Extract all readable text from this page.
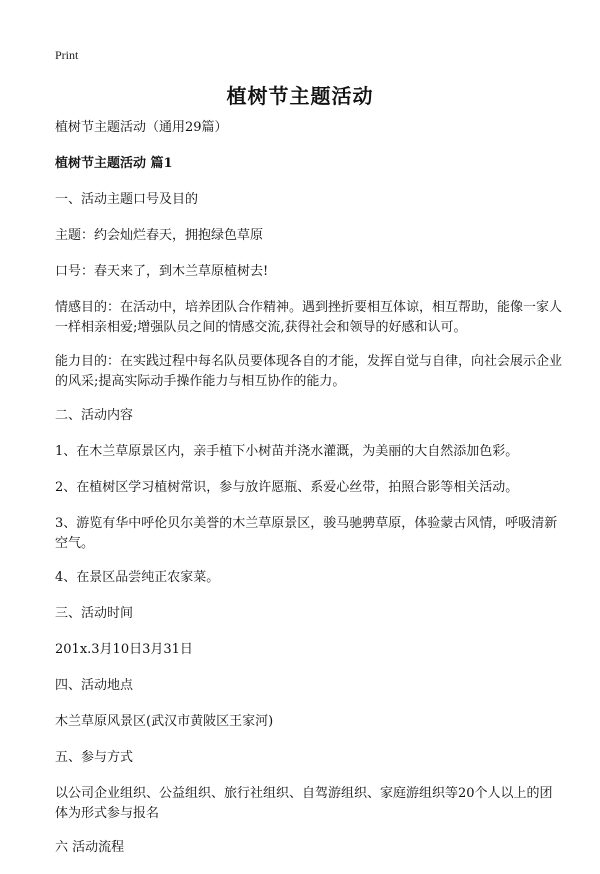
Print
植树节主题活动

植树节主题活动（通用29篇）

植树节主题活动 篇1

一、活动主题口号及目的

主题：约会灿烂春天，拥抱绿色草原

口号：春天来了，到木兰草原植树去!

情感目的：在活动中，培养团队合作精神。遇到挫折要相互体谅，相互帮助，能像一家人一样相亲相爱;增强队员之间的情感交流,获得社会和领导的好感和认可。

能力目的：在实践过程中每名队员要体现各自的才能，发挥自觉与自律，向社会展示企业的风采;提高实际动手操作能力与相互协作的能力。

二、活动内容

1、在木兰草原景区内，亲手植下小树苗并浇水灌溉，为美丽的大自然添加色彩。

2、在植树区学习植树常识，参与放许愿瓶、系爱心丝带，拍照合影等相关活动。

3、游览有华中呼伦贝尔美誉的木兰草原景区，骏马驰骋草原，体验蒙古风情，呼吸清新空气。

4、在景区品尝纯正农家菜。

三、活动时间

201x.3月10日3月31日

四、活动地点

木兰草原风景区(武汉市黄陂区王家河)

五、参与方式

以公司企业组织、公益组织、旅行社组织、自驾游组织、家庭游组织等20个人以上的团体为形式参与报名

六 活动流程
